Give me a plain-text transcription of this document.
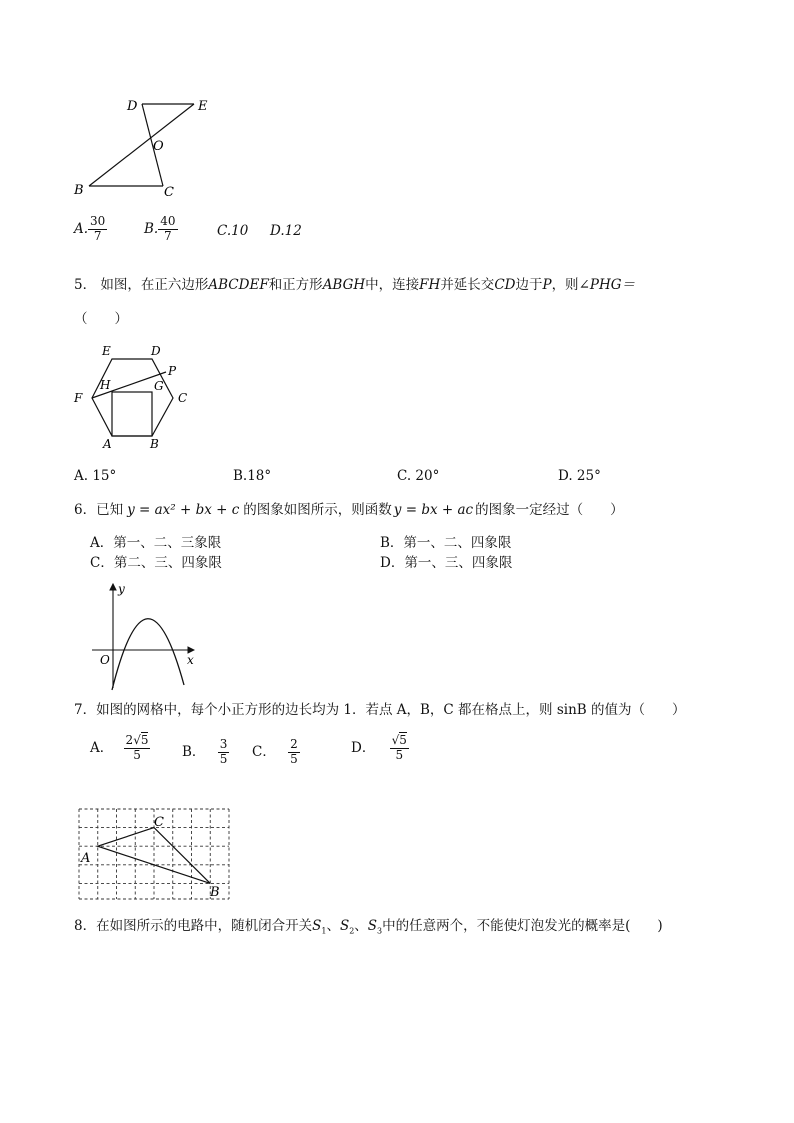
D	E
O
B	C
A. $\frac{30}{7}$	B. $\frac{40}{7}$	C.10 D.12
5． 如图，在正六边形ABCDEF和正方形ABGH中，连接FH并延长交CD边于P，则∠PHG＝
（　　）
E	D
P
H	G
F	C
A	B
A. 15°	B.18°	C. 20°	D. 25°
6．已知 y = ax² + bx + c 的图象如图所示，则函数 y = bx + ac 的图象一定经过（　　）
A．第一、二、三象限	B．第一、二、四象限
C．第二、三、四象限	D．第一、三、四象限
y
x
O
7．如图的网格中，每个小正方形的边长均为 1．若点 A，B，C 都在格点上，则 sinB 的值为（　　）
A． $\frac{2√5}{5}$ B． $\frac{3}{5}$ C． $\frac{2}{5}$	D． $\frac{√5}{5}$
A
C
B
8．在如图所示的电路中，随机闭合开关$S_1$、$S_2$、$S_3$中的任意两个，不能使灯泡发光的概率是(　　)
